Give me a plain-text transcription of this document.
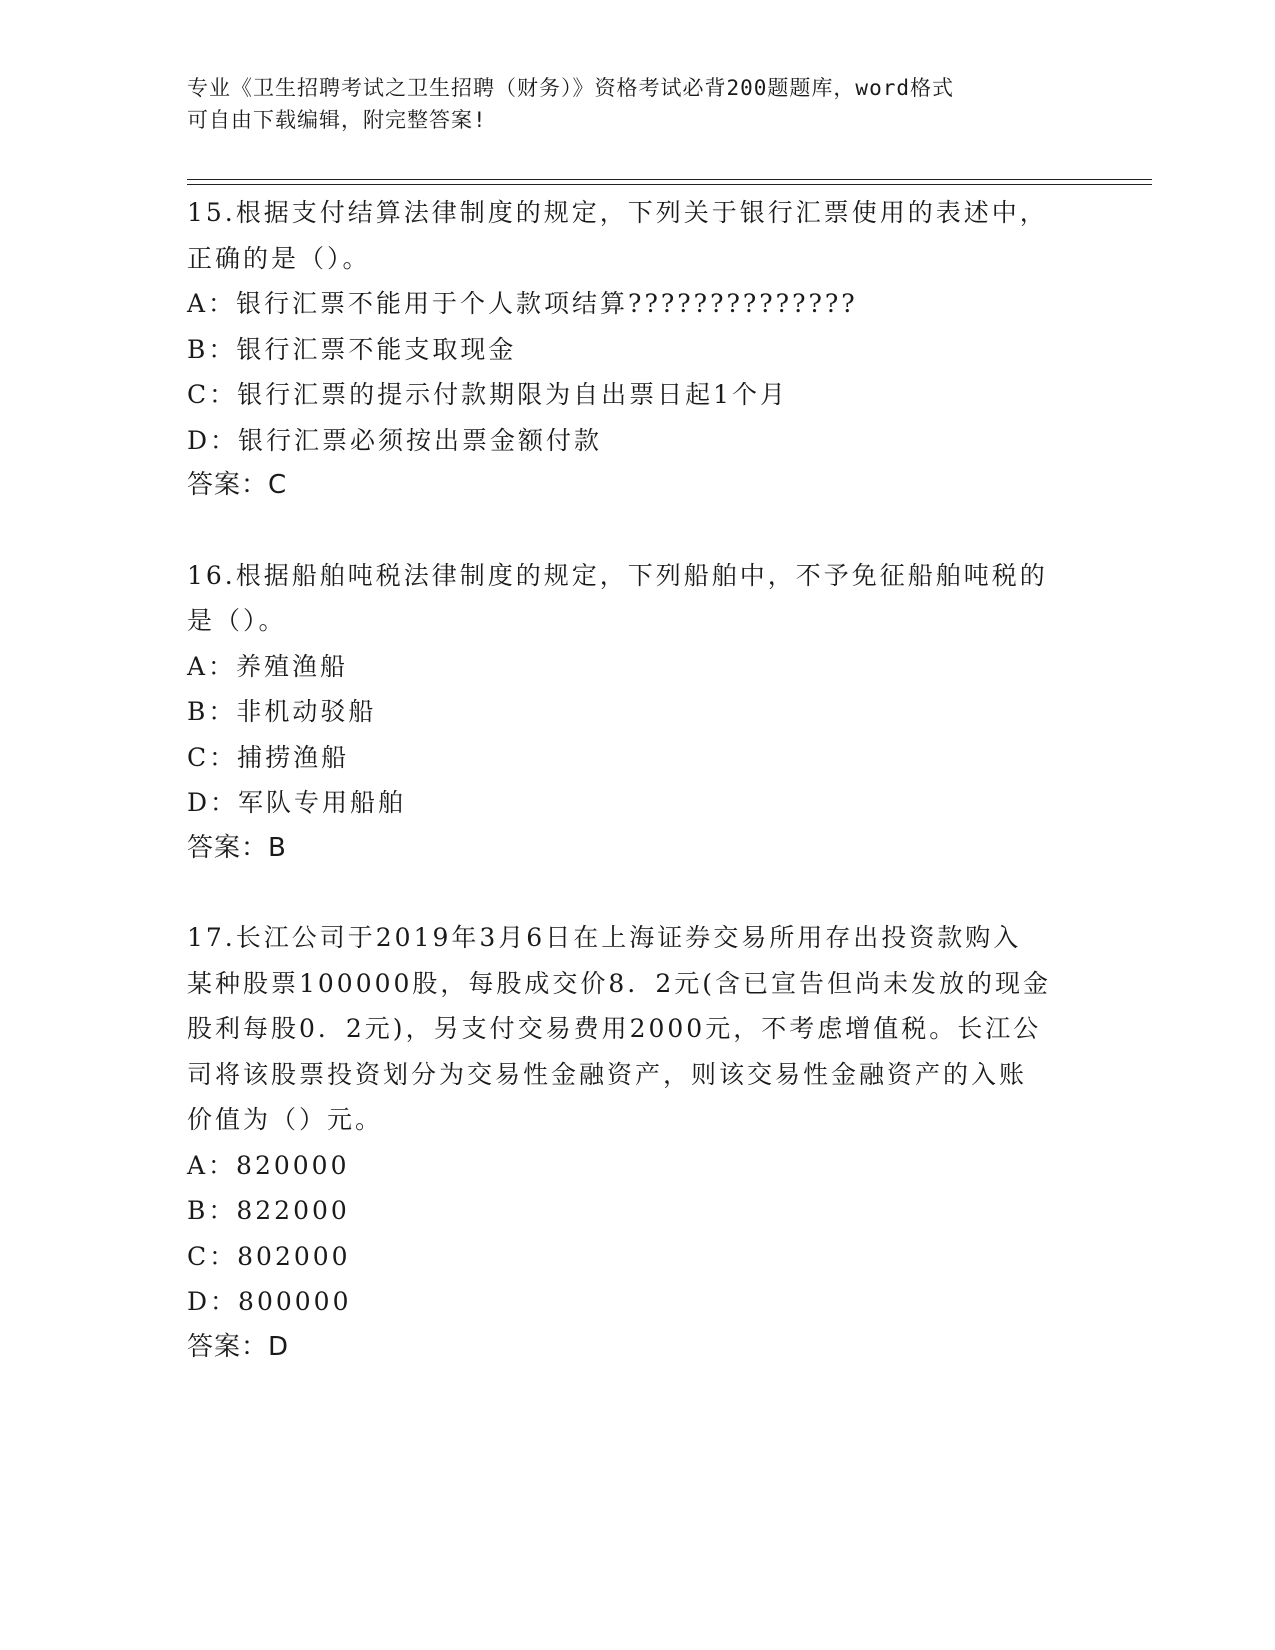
专业《卫生招聘考试之卫生招聘（财务）》资格考试必背200题题库，word格式
可自由下载编辑，附完整答案!
15.根据支付结算法律制度的规定，下列关于银行汇票使用的表述中，
正确的是（）。
A：银行汇票不能用于个人款项结算??????????????
B：银行汇票不能支取现金
C：银行汇票的提示付款期限为自出票日起1个月
D：银行汇票必须按出票金额付款
答案：C
16.根据船舶吨税法律制度的规定，下列船舶中，不予免征船舶吨税的
是（）。
A：养殖渔船
B：非机动驳船
C：捕捞渔船
D：军队专用船舶
答案：B
17.长江公司于2019年3月6日在上海证券交易所用存出投资款购入
某种股票100000股，每股成交价8．2元(含已宣告但尚未发放的现金
股利每股0．2元)，另支付交易费用2000元，不考虑增值税。长江公
司将该股票投资划分为交易性金融资产，则该交易性金融资产的入账
价值为（）元。
A：820000
B：822000
C：802000
D：800000
答案：D
